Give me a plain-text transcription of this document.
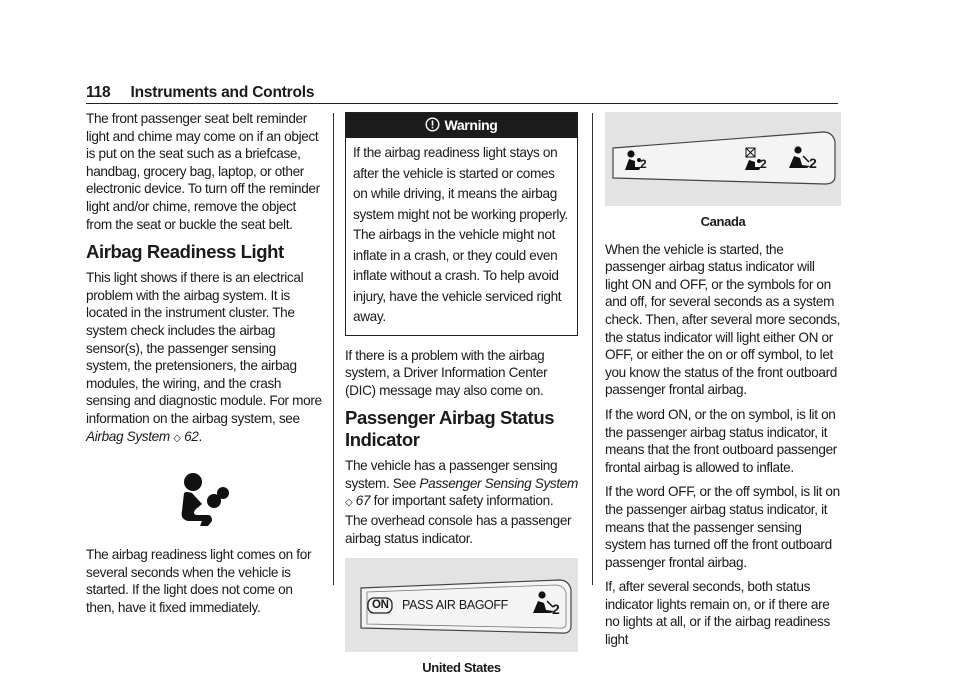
118 Instruments and Controls

The front passenger seat belt reminder light and chime may come on if an object is put on the seat such as a briefcase, handbag, grocery bag, laptop, or other electronic device. To turn off the reminder light and/or chime, remove the object from the seat or buckle the seat belt.

Airbag Readiness Light

This light shows if there is an electrical problem with the airbag system. It is located in the instrument cluster. The system check includes the airbag sensor(s), the passenger sensing system, the pretensioners, the airbag modules, the wiring, and the crash sensing and diagnostic module. For more information on the airbag system, see Airbag System ◇ 62.

The airbag readiness light comes on for several seconds when the vehicle is started. If the light does not come on then, have it fixed immediately.

Warning
If the airbag readiness light stays on after the vehicle is started or comes on while driving, it means the airbag system might not be working properly. The airbags in the vehicle might not inflate in a crash, or they could even inflate without a crash. To help avoid injury, have the vehicle serviced right away.

If there is a problem with the airbag system, a Driver Information Center (DIC) message may also come on.

Passenger Airbag Status Indicator

The vehicle has a passenger sensing system. See Passenger Sensing System ◇ 67 for important safety information. The overhead console has a passenger airbag status indicator.

ON PASS AIR BAG OFF	2
United States
2	2	2
Canada

When the vehicle is started, the passenger airbag status indicator will light ON and OFF, or the symbols for on and off, for several seconds as a system check. Then, after several more seconds, the status indicator will light either ON or OFF, or either the on or off symbol, to let you know the status of the front outboard passenger frontal airbag.

If the word ON, or the on symbol, is lit on the passenger airbag status indicator, it means that the front outboard passenger frontal airbag is allowed to inflate.

If the word OFF, or the off symbol, is lit on the passenger airbag status indicator, it means that the passenger sensing system has turned off the front outboard passenger frontal airbag.

If, after several seconds, both status indicator lights remain on, or if there are no lights at all, or if the airbag readiness light
